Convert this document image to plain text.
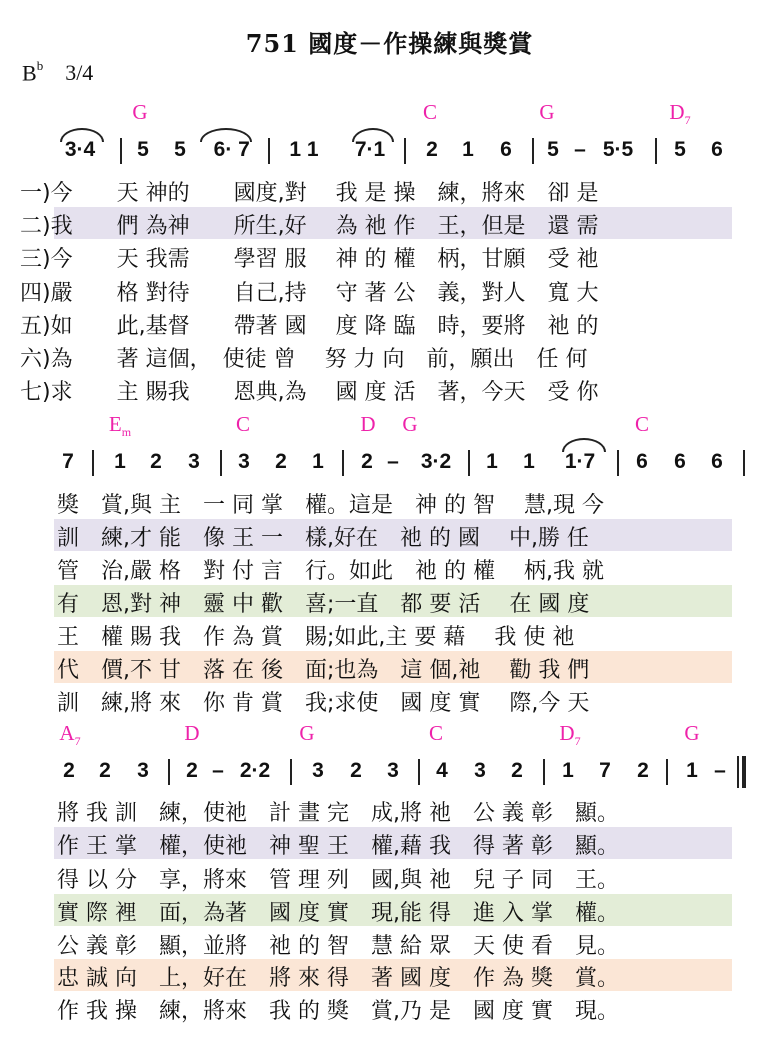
751 國度－作操練與獎賞
$B^b$ 3/4
G	C	G	$D_7$
3·4 5 5 6· 7 1 1 7·1 2 1 6 5 – 5·5 5 6
一)今　　天 神的　　國度,對　 我 是 操　練，將來　卻 是
二)我　　們 為神　　所生,好　 為 祂 作　王，但是　還 需
三)今　　天 我需　　學習 服　 神 的 權　柄，甘願　受 祂
四)嚴　　格 對待　　自己,持　 守 著 公　義，對人　寬 大
五)如　　此,基督　　帶著 國　 度 降 臨　時，要將　祂 的
六)為　　著 這個，　使徒 曾　 努 力 向　前，願出　任 何
七)求　　主 賜我　　恩典,為　 國 度 活　著，今天　受 你
$E_m$	C	D G	C
7 1 2 3 3 2 1 2 – 3·2 1 1 1·7 6 6 6
獎　賞,與 主　一 同 掌　權。這是　神 的 智　 慧,現 今
訓　練,才 能　像 王 一　樣,好在　祂 的 國　 中,勝 任
管　治,嚴 格　對 付 言　行。如此　祂 的 權　 柄,我 就
有　恩,對 神　靈 中 歡　喜;一直　都 要 活　 在 國 度
王　權 賜 我　作 為 賞　賜;如此,主 要 藉　 我 使 祂
代　價,不 甘　落 在 後　面;也為　這 個,祂　 勸 我 們
訓　練,將 來　你 肯 賞　我;求使　國 度 實　 際,今 天
$A_7$	D	G	C	$D_7$	G
2 2 3 2 – 2·2 3 2 3 4 3 2 1 7 2 1 –
將 我 訓　練，使祂　計 畫 完　成,將 祂　公 義 彰　顯。
作 王 掌　權，使祂　神 聖 王　權,藉 我　得 著 彰　顯。
得 以 分　享，將來　管 理 列　國,與 祂　兒 子 同　王。
實 際 裡　面，為著　國 度 實　現,能 得　進 入 掌　權。
公 義 彰　顯，並將　祂 的 智　慧 給 眾　天 使 看　見。
忠 誠 向　上，好在　將 來 得　著 國 度　作 為 獎　賞。
作 我 操　練，將來　我 的 獎　賞,乃 是　國 度 實　現。
